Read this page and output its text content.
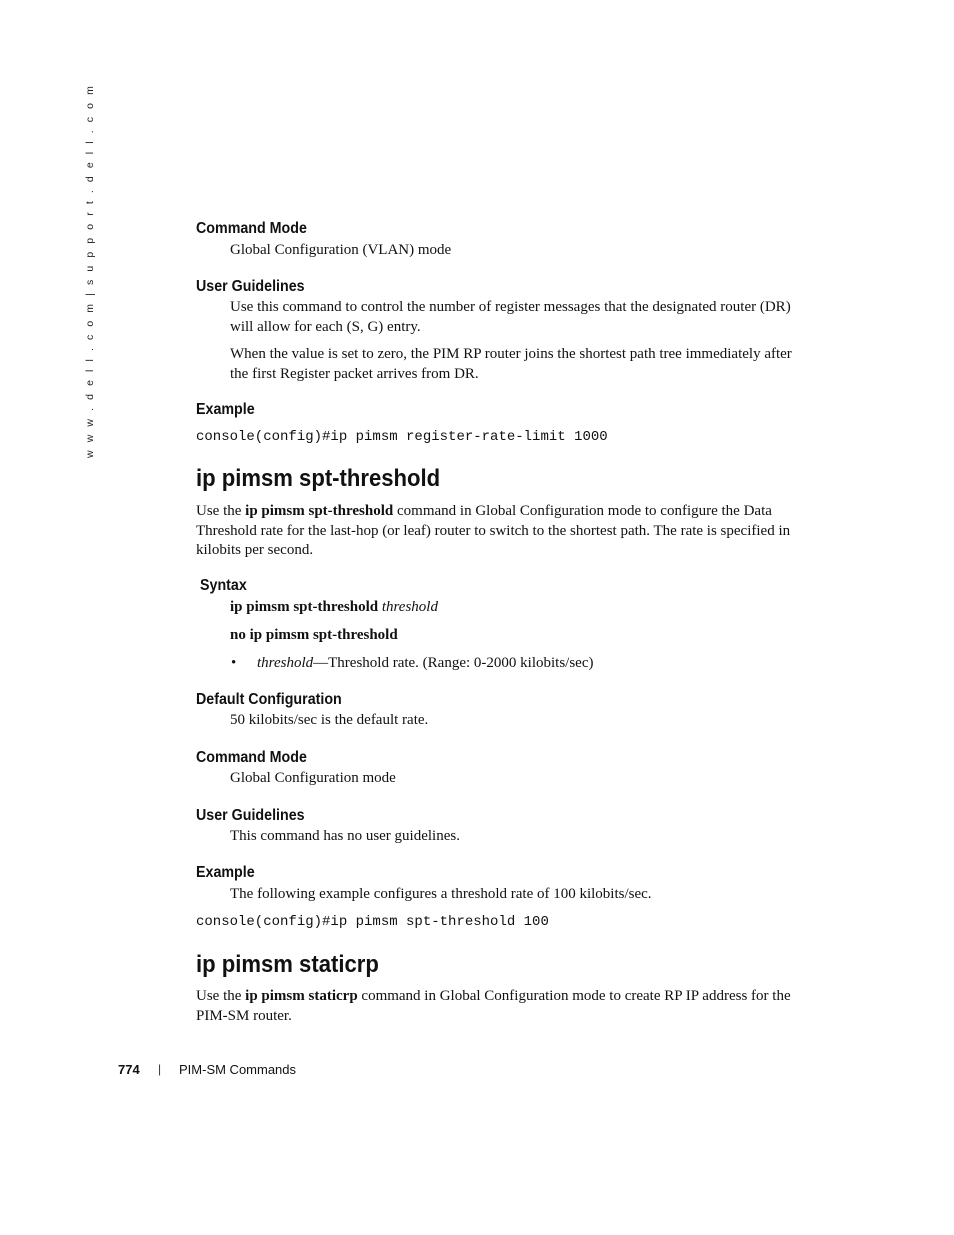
w w w . d e l l . c o m | s u p p o r t . d e l l . c o m	Command Mode
Global Configuration (VLAN) mode
User Guidelines
Use this command to control the number of register messages that the designated router (DR) will allow for each (S, G) entry.
When the value is set to zero, the PIM RP router joins the shortest path tree immediately after the first Register packet arrives from DR.
Example
console(config)#ip pimsm register-rate-limit 1000
ip pimsm spt-threshold
Use the ip pimsm spt-threshold command in Global Configuration mode to configure the Data Threshold rate for the last-hop (or leaf) router to switch to the shortest path. The rate is specified in kilobits per second.
Syntax
ip pimsm spt-threshold threshold
no ip pimsm spt-threshold
• threshold—Threshold rate. (Range: 0-2000 kilobits/sec)
Default Configuration
50 kilobits/sec is the default rate.
Command Mode
Global Configuration mode
User Guidelines
This command has no user guidelines.
Example
The following example configures a threshold rate of 100 kilobits/sec.
console(config)#ip pimsm spt-threshold 100
ip pimsm staticrp
Use the ip pimsm staticrp command in Global Configuration mode to create RP IP address for the PIM-SM router.
774 | PIM-SM Commands
